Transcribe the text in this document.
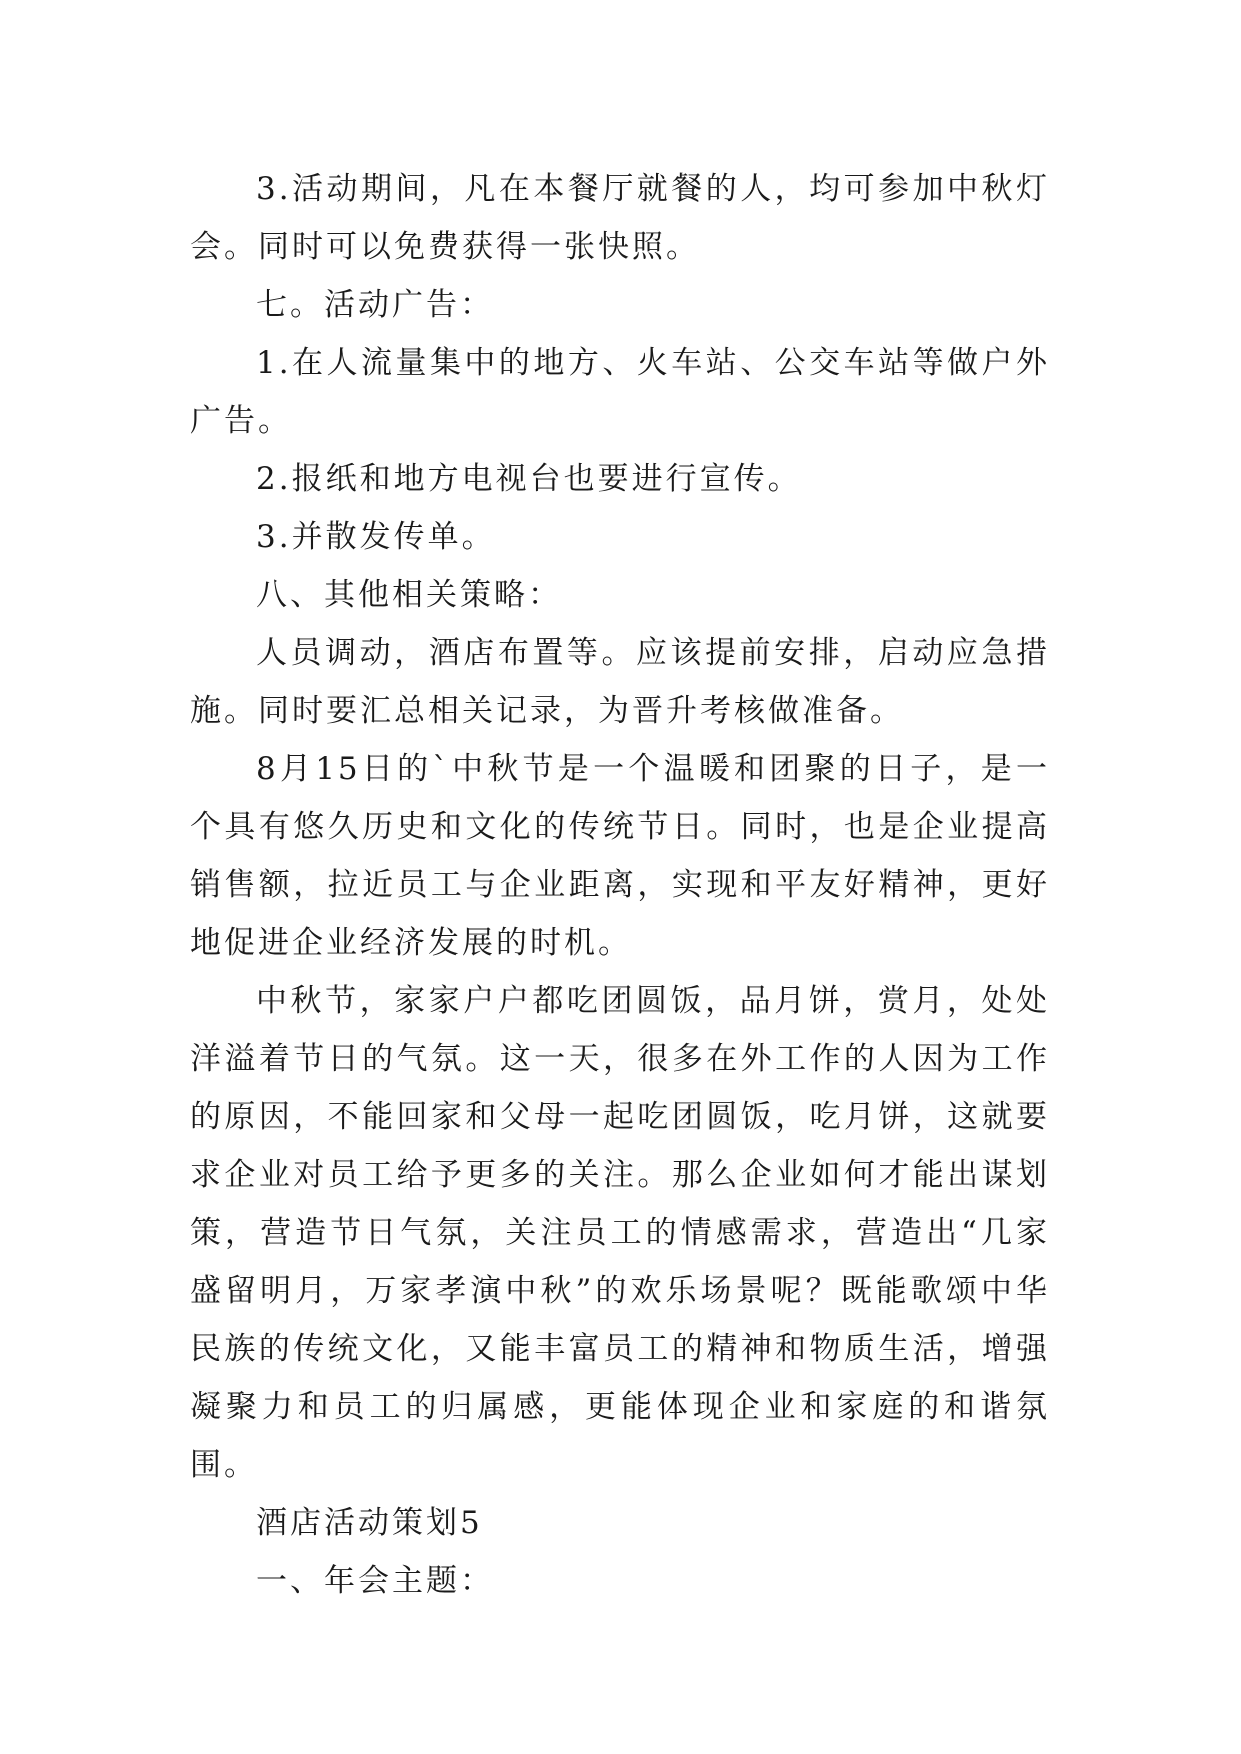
3.活动期间，凡在本餐厅就餐的人，均可参加中秋灯会。同时可以免费获得一张快照。

七。活动广告：

1.在人流量集中的地方、火车站、公交车站等做户外广告。

2.报纸和地方电视台也要进行宣传。

3.并散发传单。

八、其他相关策略：

人员调动，酒店布置等。应该提前安排，启动应急措施。同时要汇总相关记录，为晋升考核做准备。

8月15日的`中秋节是一个温暖和团聚的日子，是一个具有悠久历史和文化的传统节日。同时，也是企业提高销售额，拉近员工与企业距离，实现和平友好精神，更好地促进企业经济发展的时机。

中秋节，家家户户都吃团圆饭，品月饼，赏月，处处洋溢着节日的气氛。这一天，很多在外工作的人因为工作的原因，不能回家和父母一起吃团圆饭，吃月饼，这就要求企业对员工给予更多的关注。那么企业如何才能出谋划策，营造节日气氛，关注员工的情感需求，营造出“几家盛留明月，万家孝演中秋”的欢乐场景呢？既能歌颂中华民族的传统文化，又能丰富员工的精神和物质生活，增强凝聚力和员工的归属感，更能体现企业和家庭的和谐氛围。

酒店活动策划5

一、年会主题：
